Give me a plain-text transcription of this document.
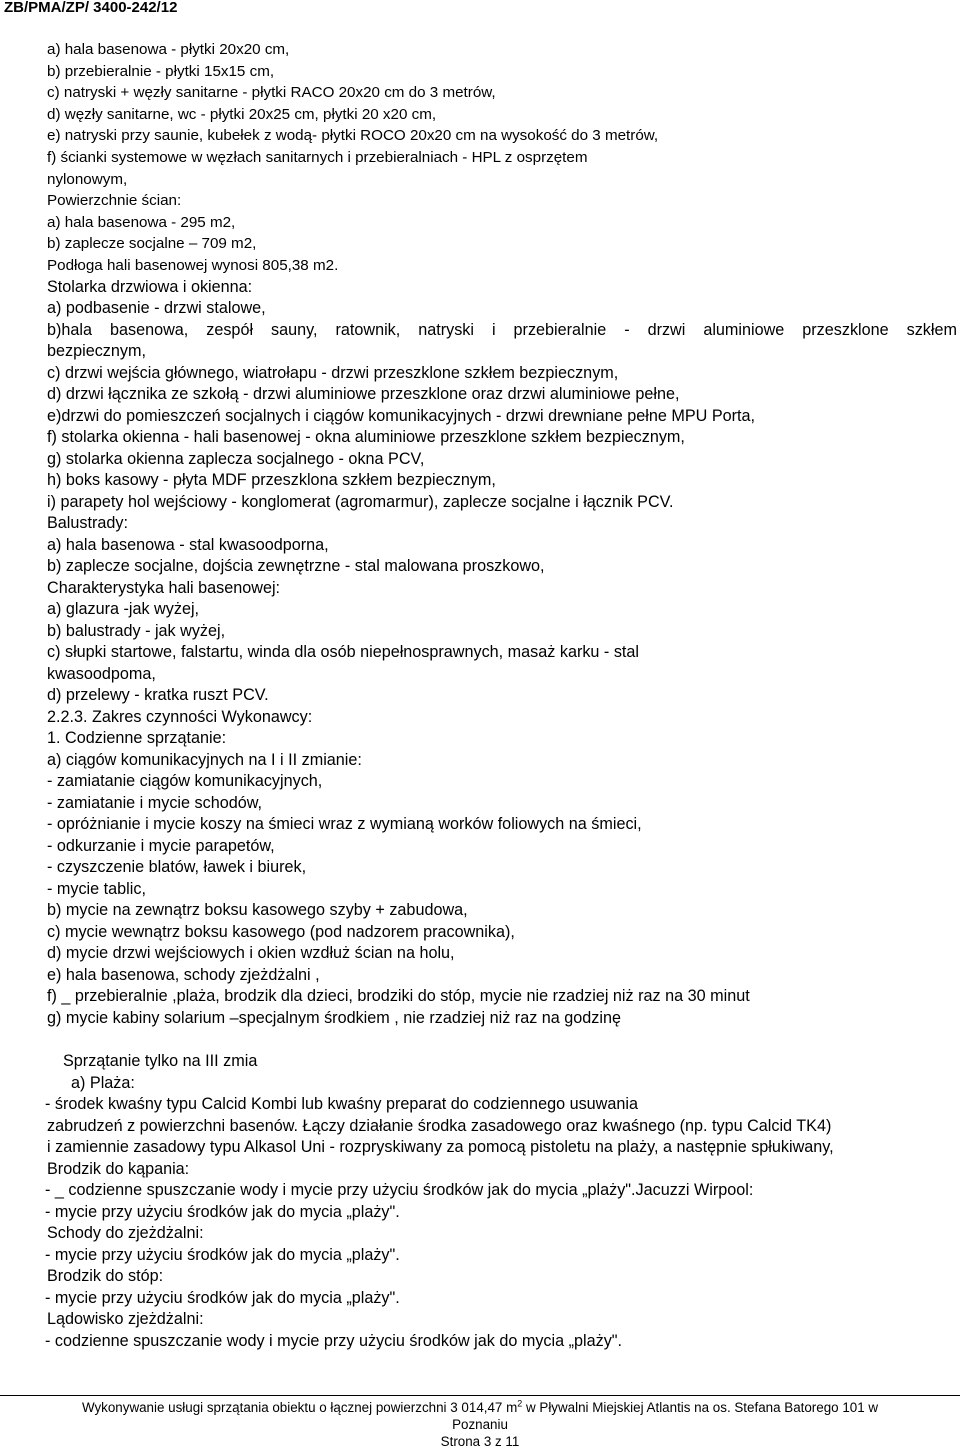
ZB/PMA/ZP/ 3400-242/12
a) hala basenowa - płytki 20x20 cm,
b) przebieralnie - płytki 15x15 cm,
c) natryski + węzły sanitarne - płytki RACO 20x20 cm do 3 metrów,
d) węzły sanitarne, wc - płytki 20x25 cm, płytki 20 x20 cm,
e) natryski przy saunie, kubełek z wodą- płytki ROCO 20x20 cm na wysokość do 3 metrów,
f) ścianki systemowe w węzłach sanitarnych i przebieralniach - HPL z osprzętem
nylonowym,
Powierzchnie ścian:
a) hala basenowa - 295 m2,
b) zaplecze socjalne – 709 m2,
Podłoga hali basenowej wynosi 805,38 m2.
Stolarka drzwiowa i okienna:
a) podbasenie - drzwi stalowe,
b)hala basenowa, zespół sauny, ratownik, natryski i przebieralnie - drzwi aluminiowe przeszklone szkłem
bezpiecznym,
c) drzwi wejścia głównego, wiatrołapu - drzwi przeszklone szkłem bezpiecznym,
d) drzwi łącznika ze szkołą - drzwi aluminiowe przeszklone oraz drzwi aluminiowe pełne,
e)drzwi do pomieszczeń socjalnych i ciągów komunikacyjnych - drzwi drewniane pełne MPU Porta,
f) stolarka okienna - hali basenowej - okna aluminiowe przeszklone szkłem bezpiecznym,
g) stolarka okienna zaplecza socjalnego - okna PCV,
h) boks kasowy - płyta MDF przeszklona szkłem bezpiecznym,
i) parapety hol wejściowy - konglomerat (agromarmur), zaplecze socjalne i łącznik PCV.
Balustrady:
a) hala basenowa - stal kwasoodporna,
b) zaplecze socjalne, dojścia zewnętrzne - stal malowana proszkowo,
Charakterystyka hali basenowej:
a) glazura -jak wyżej,
b) balustrady - jak wyżej,
c) słupki startowe, falstartu, winda dla osób niepełnosprawnych, masaż karku - stal
kwasoodpoma,
d) przelewy - kratka ruszt PCV.
2.2.3. Zakres czynności Wykonawcy:
1. Codzienne sprzątanie:
a) ciągów komunikacyjnych na I i II zmianie:
- zamiatanie ciągów komunikacyjnych,
- zamiatanie i mycie schodów,
- opróżnianie i mycie koszy na śmieci wraz z wymianą worków foliowych na śmieci,
- odkurzanie i mycie parapetów,
- czyszczenie blatów, ławek i biurek,
- mycie tablic,
b) mycie na zewnątrz boksu kasowego szyby + zabudowa,
c) mycie wewnątrz boksu kasowego (pod nadzorem pracownika),
d) mycie drzwi wejściowych i okien wzdłuż ścian na holu,
e) hala basenowa, schody zjeżdżalni ,
f) _ przebieralnie ,plaża, brodzik dla dzieci, brodziki do stóp, mycie nie rzadziej niż raz na 30 minut
g) mycie kabiny solarium –specjalnym środkiem , nie rzadziej niż raz na godzinę
Sprzątanie tylko na III zmia
a) Plaża:
- środek kwaśny typu Calcid Kombi lub kwaśny preparat do codziennego usuwania
zabrudzeń z powierzchni basenów. Łączy działanie środka zasadowego oraz kwaśnego (np. typu Calcid TK4)
i zamiennie zasadowy typu Alkasol Uni - rozpryskiwany za pomocą pistoletu na plaży, a następnie spłukiwany,
Brodzik do kąpania:
- _ codzienne spuszczanie wody i mycie przy użyciu środków jak do mycia „plaży".Jacuzzi Wirpool:
- mycie przy użyciu środków jak do mycia „plaży".
Schody do zjeżdżalni:
- mycie przy użyciu środków jak do mycia „plaży".
Brodzik do stóp:
- mycie przy użyciu środków jak do mycia „plaży".
Lądowisko zjeżdżalni:
- codzienne spuszczanie wody i mycie przy użyciu środków jak do mycia „plaży".
Wykonywanie usługi sprzątania obiektu o łącznej powierzchni 3 014,47 $m^2$ w Pływalni Miejskiej Atlantis na os. Stefana Batorego 101 w
Poznaniu
Strona 3 z 11
